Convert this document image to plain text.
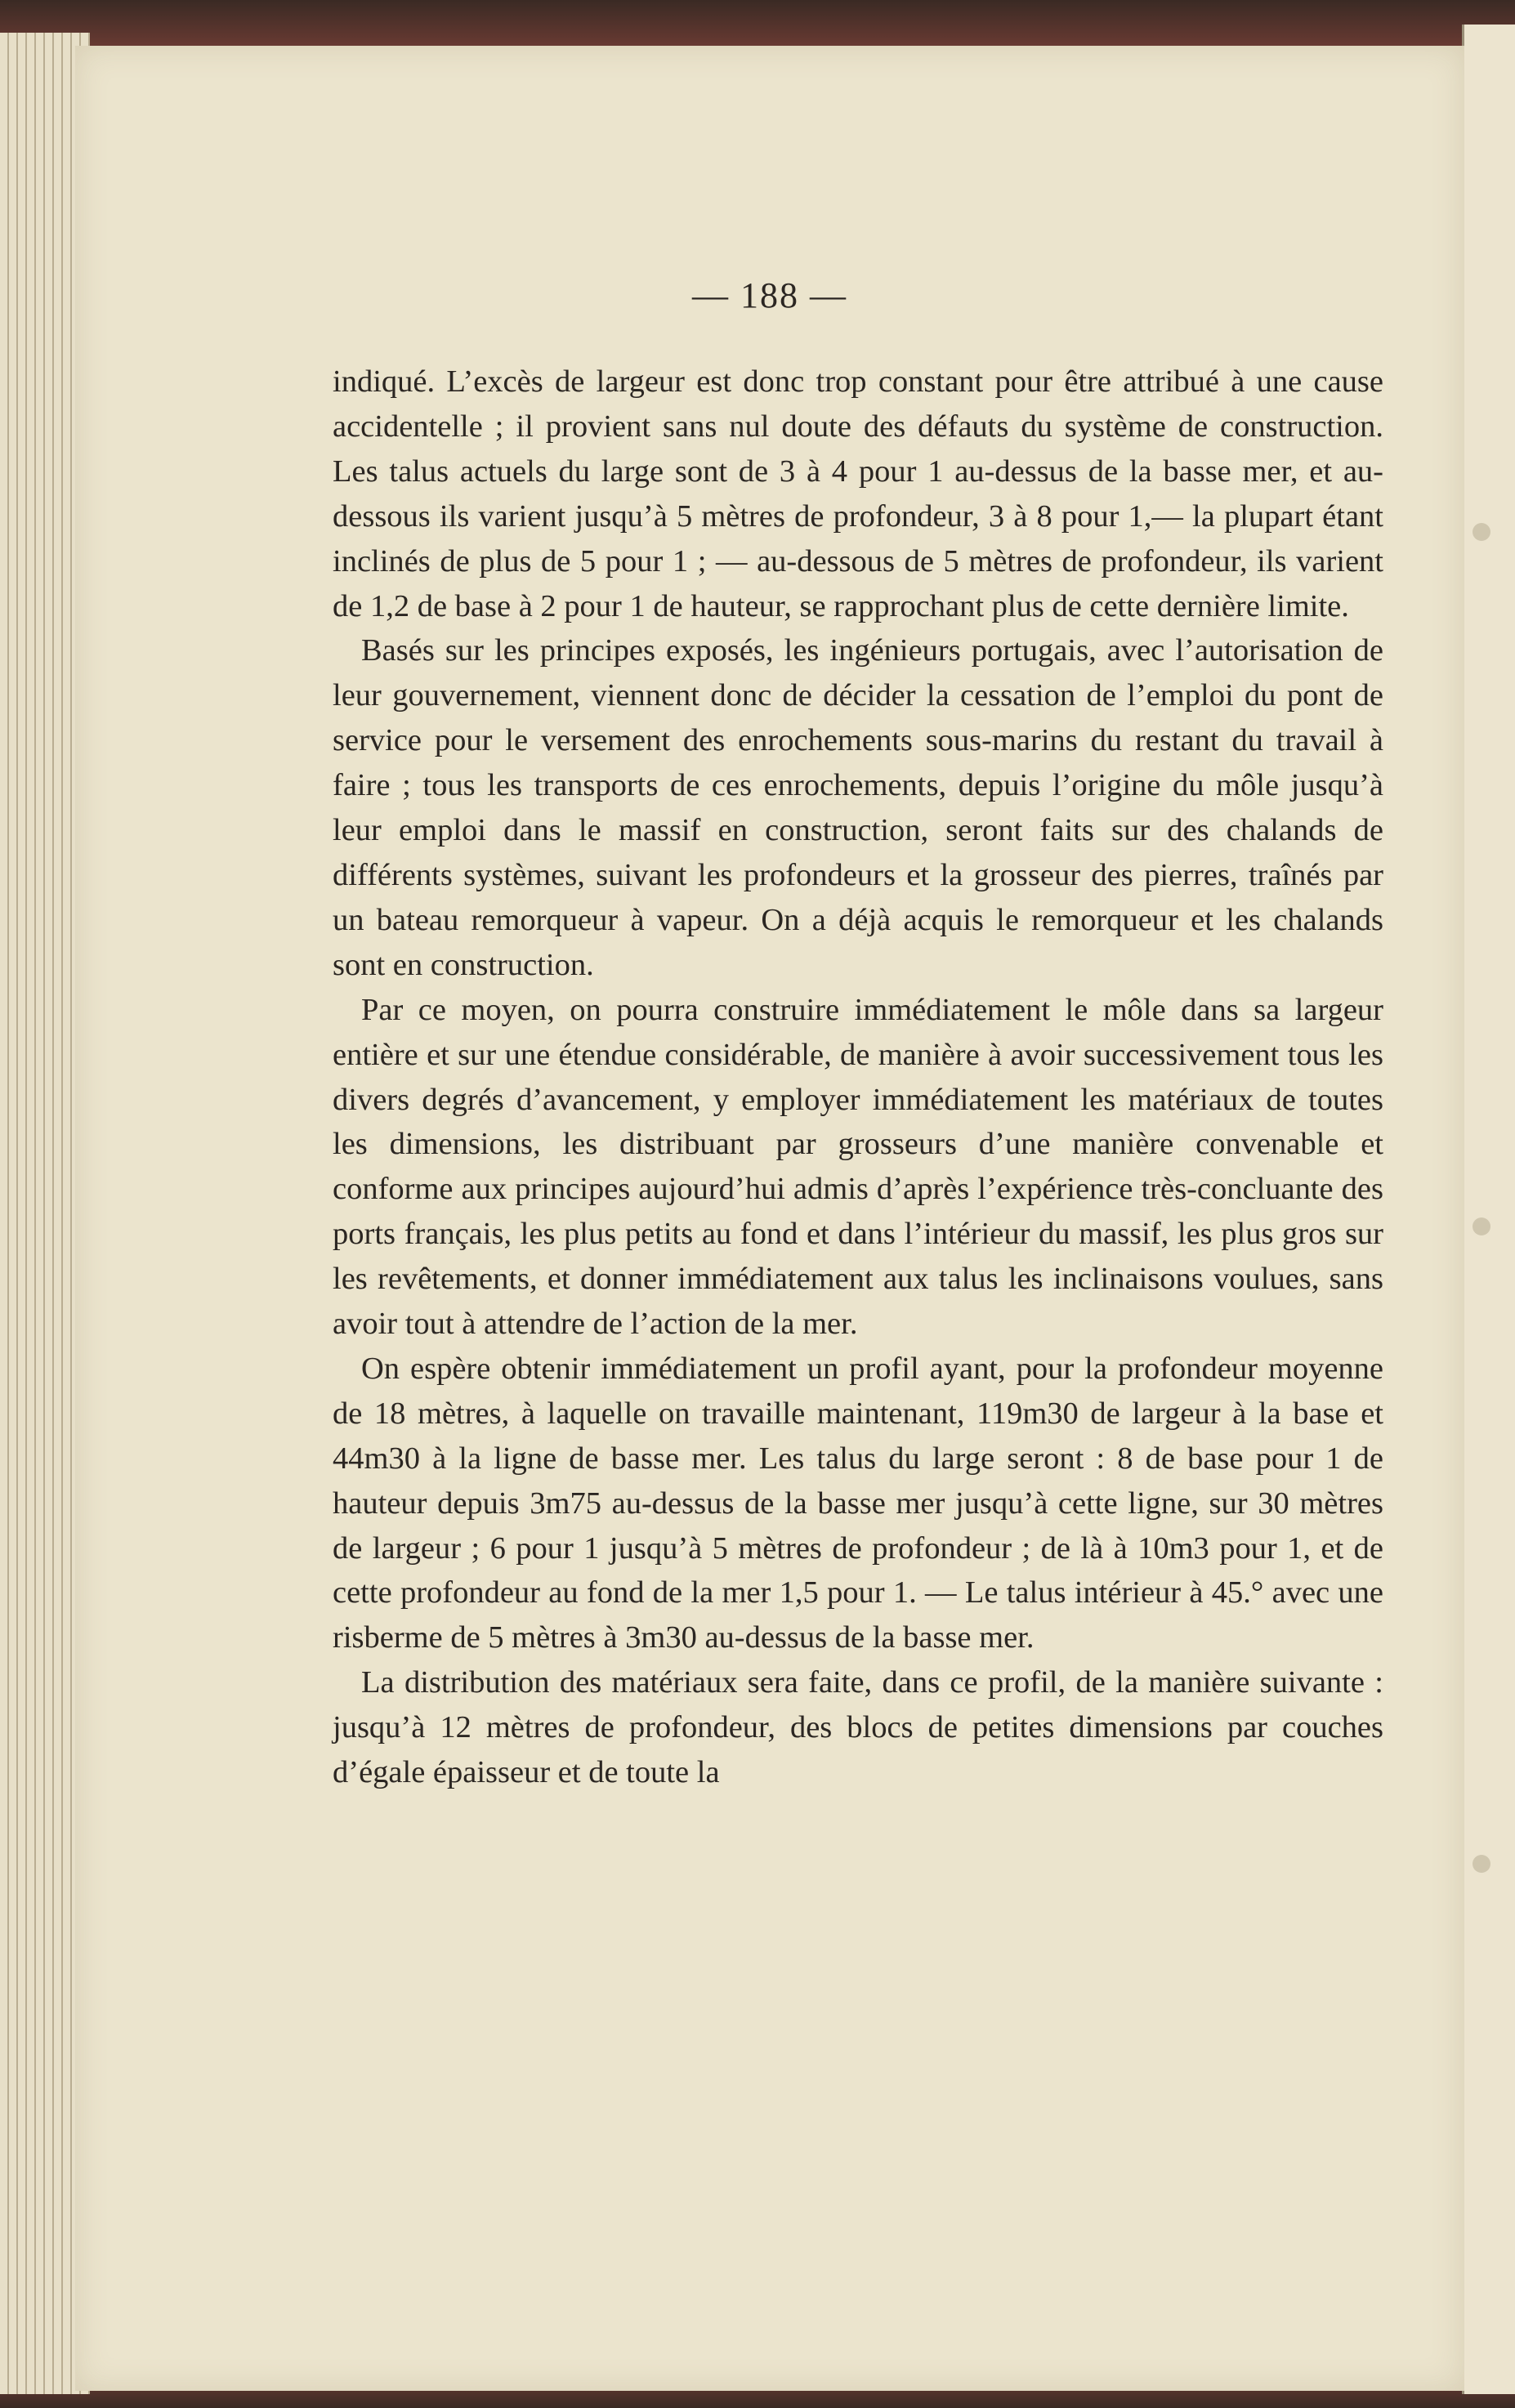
— 188 —

indiqué. L’excès de largeur est donc trop constant pour être attribué à une cause accidentelle ; il provient sans nul doute des défauts du système de construction. Les talus actuels du large sont de 3 à 4 pour 1 au-dessus de la basse mer, et au-dessous ils varient jusqu’à 5 mètres de profondeur, 3 à 8 pour 1,— la plupart étant inclinés de plus de 5 pour 1 ; — au-dessous de 5 mètres de profondeur, ils varient de 1,2 de base à 2 pour 1 de hauteur, se rapprochant plus de cette dernière limite.

Basés sur les principes exposés, les ingénieurs portugais, avec l’autorisation de leur gouvernement, viennent donc de décider la cessation de l’emploi du pont de service pour le versement des enrochements sous-marins du restant du travail à faire ; tous les transports de ces enrochements, depuis l’origine du môle jusqu’à leur emploi dans le massif en construction, seront faits sur des chalands de différents systèmes, suivant les profondeurs et la grosseur des pierres, traînés par un bateau remorqueur à vapeur. On a déjà acquis le remorqueur et les chalands sont en construction.

Par ce moyen, on pourra construire immédiatement le môle dans sa largeur entière et sur une étendue considérable, de manière à avoir successivement tous les divers degrés d’avancement, y employer immédiatement les matériaux de toutes les dimensions, les distribuant par grosseurs d’une manière convenable et conforme aux principes aujourd’hui admis d’après l’expérience très-concluante des ports français, les plus petits au fond et dans l’intérieur du massif, les plus gros sur les revêtements, et donner immédiatement aux talus les inclinaisons voulues, sans avoir tout à attendre de l’action de la mer.

On espère obtenir immédiatement un profil ayant, pour la profondeur moyenne de 18 mètres, à laquelle on travaille maintenant, 119m30 de largeur à la base et 44m30 à la ligne de basse mer. Les talus du large seront : 8 de base pour 1 de hauteur depuis 3m75 au-dessus de la basse mer jusqu’à cette ligne, sur 30 mètres de largeur ; 6 pour 1 jusqu’à 5 mètres de profondeur ; de là à 10m3 pour 1, et de cette profondeur au fond de la mer 1,5 pour 1. — Le talus intérieur à 45.° avec une risberme de 5 mètres à 3m30 au-dessus de la basse mer.

La distribution des matériaux sera faite, dans ce profil, de la manière suivante : jusqu’à 12 mètres de profondeur, des blocs de petites dimensions par couches d’égale épaisseur et de toute la
